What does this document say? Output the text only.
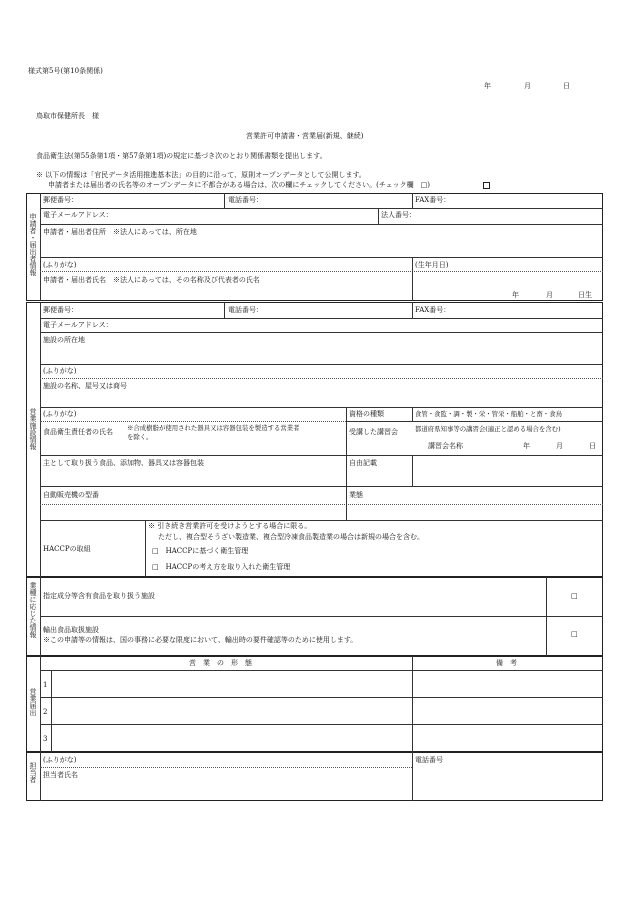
様式第5号(第10条関係)
年	月	日
鳥取市保健所長　様
営業許可申請書・営業届(新規、継続)
食品衛生法(第55条第1項・第57条第1項)の規定に基づき次のとおり関係書類を提出します。
※ 以下の情報は「官民データ活用推進基本法」の目的に沿って、原則オープンデータとして公開します。
申請者または届出者の氏名等のオープンデータに不都合がある場合は、次の欄にチェックしてください。(チェック欄　□)
申請者・届出者情報
郵便番号：	電話番号：	FAX番号：
電子メールアドレス：	法人番号：
申請者・届出者住所　※法人にあっては、所在地
(ふりがな)	(生年月日)
申請者・届出者氏名　※法人にあっては、その名称及び代表者の氏名
年	月	日生
営業施設情報
郵便番号：	電話番号：	FAX番号：
電子メールアドレス：
施設の所在地
(ふりがな)
施設の名称、屋号又は商号
(ふりがな)	資格の種類	食管・食監・調・製・栄・管栄・船舶・と畜・食鳥
食品衛生責任者の氏名 ※合成樹脂が使用された器具又は容器包装を製造する営業者
を除く。
受講した講習会	都道府県知事等の講習会(適正と認める場合を含む)
講習会名称	年	月	日
主として取り扱う食品、添加物、器具又は容器包装	自由記載
自動販売機の型番	業態
HACCPの取組
※ 引き続き営業許可を受けようとする場合に限る。
ただし、複合型そうざい製造業、複合型冷凍食品製造業の場合は新規の場合を含む。
□　HACCPに基づく衛生管理
□　HACCPの考え方を取り入れた衛生管理
業種に応じた情報 指定成分等含有食品を取り扱う施設	□
輸出食品取扱施設
※この申請等の情報は、国の事務に必要な限度において、輸出時の要件確認等のために使用します。
□
営業届出
営　業　の　形　態	備　考
1
2
3
担当者
(ふりがな)	電話番号
担当者氏名
